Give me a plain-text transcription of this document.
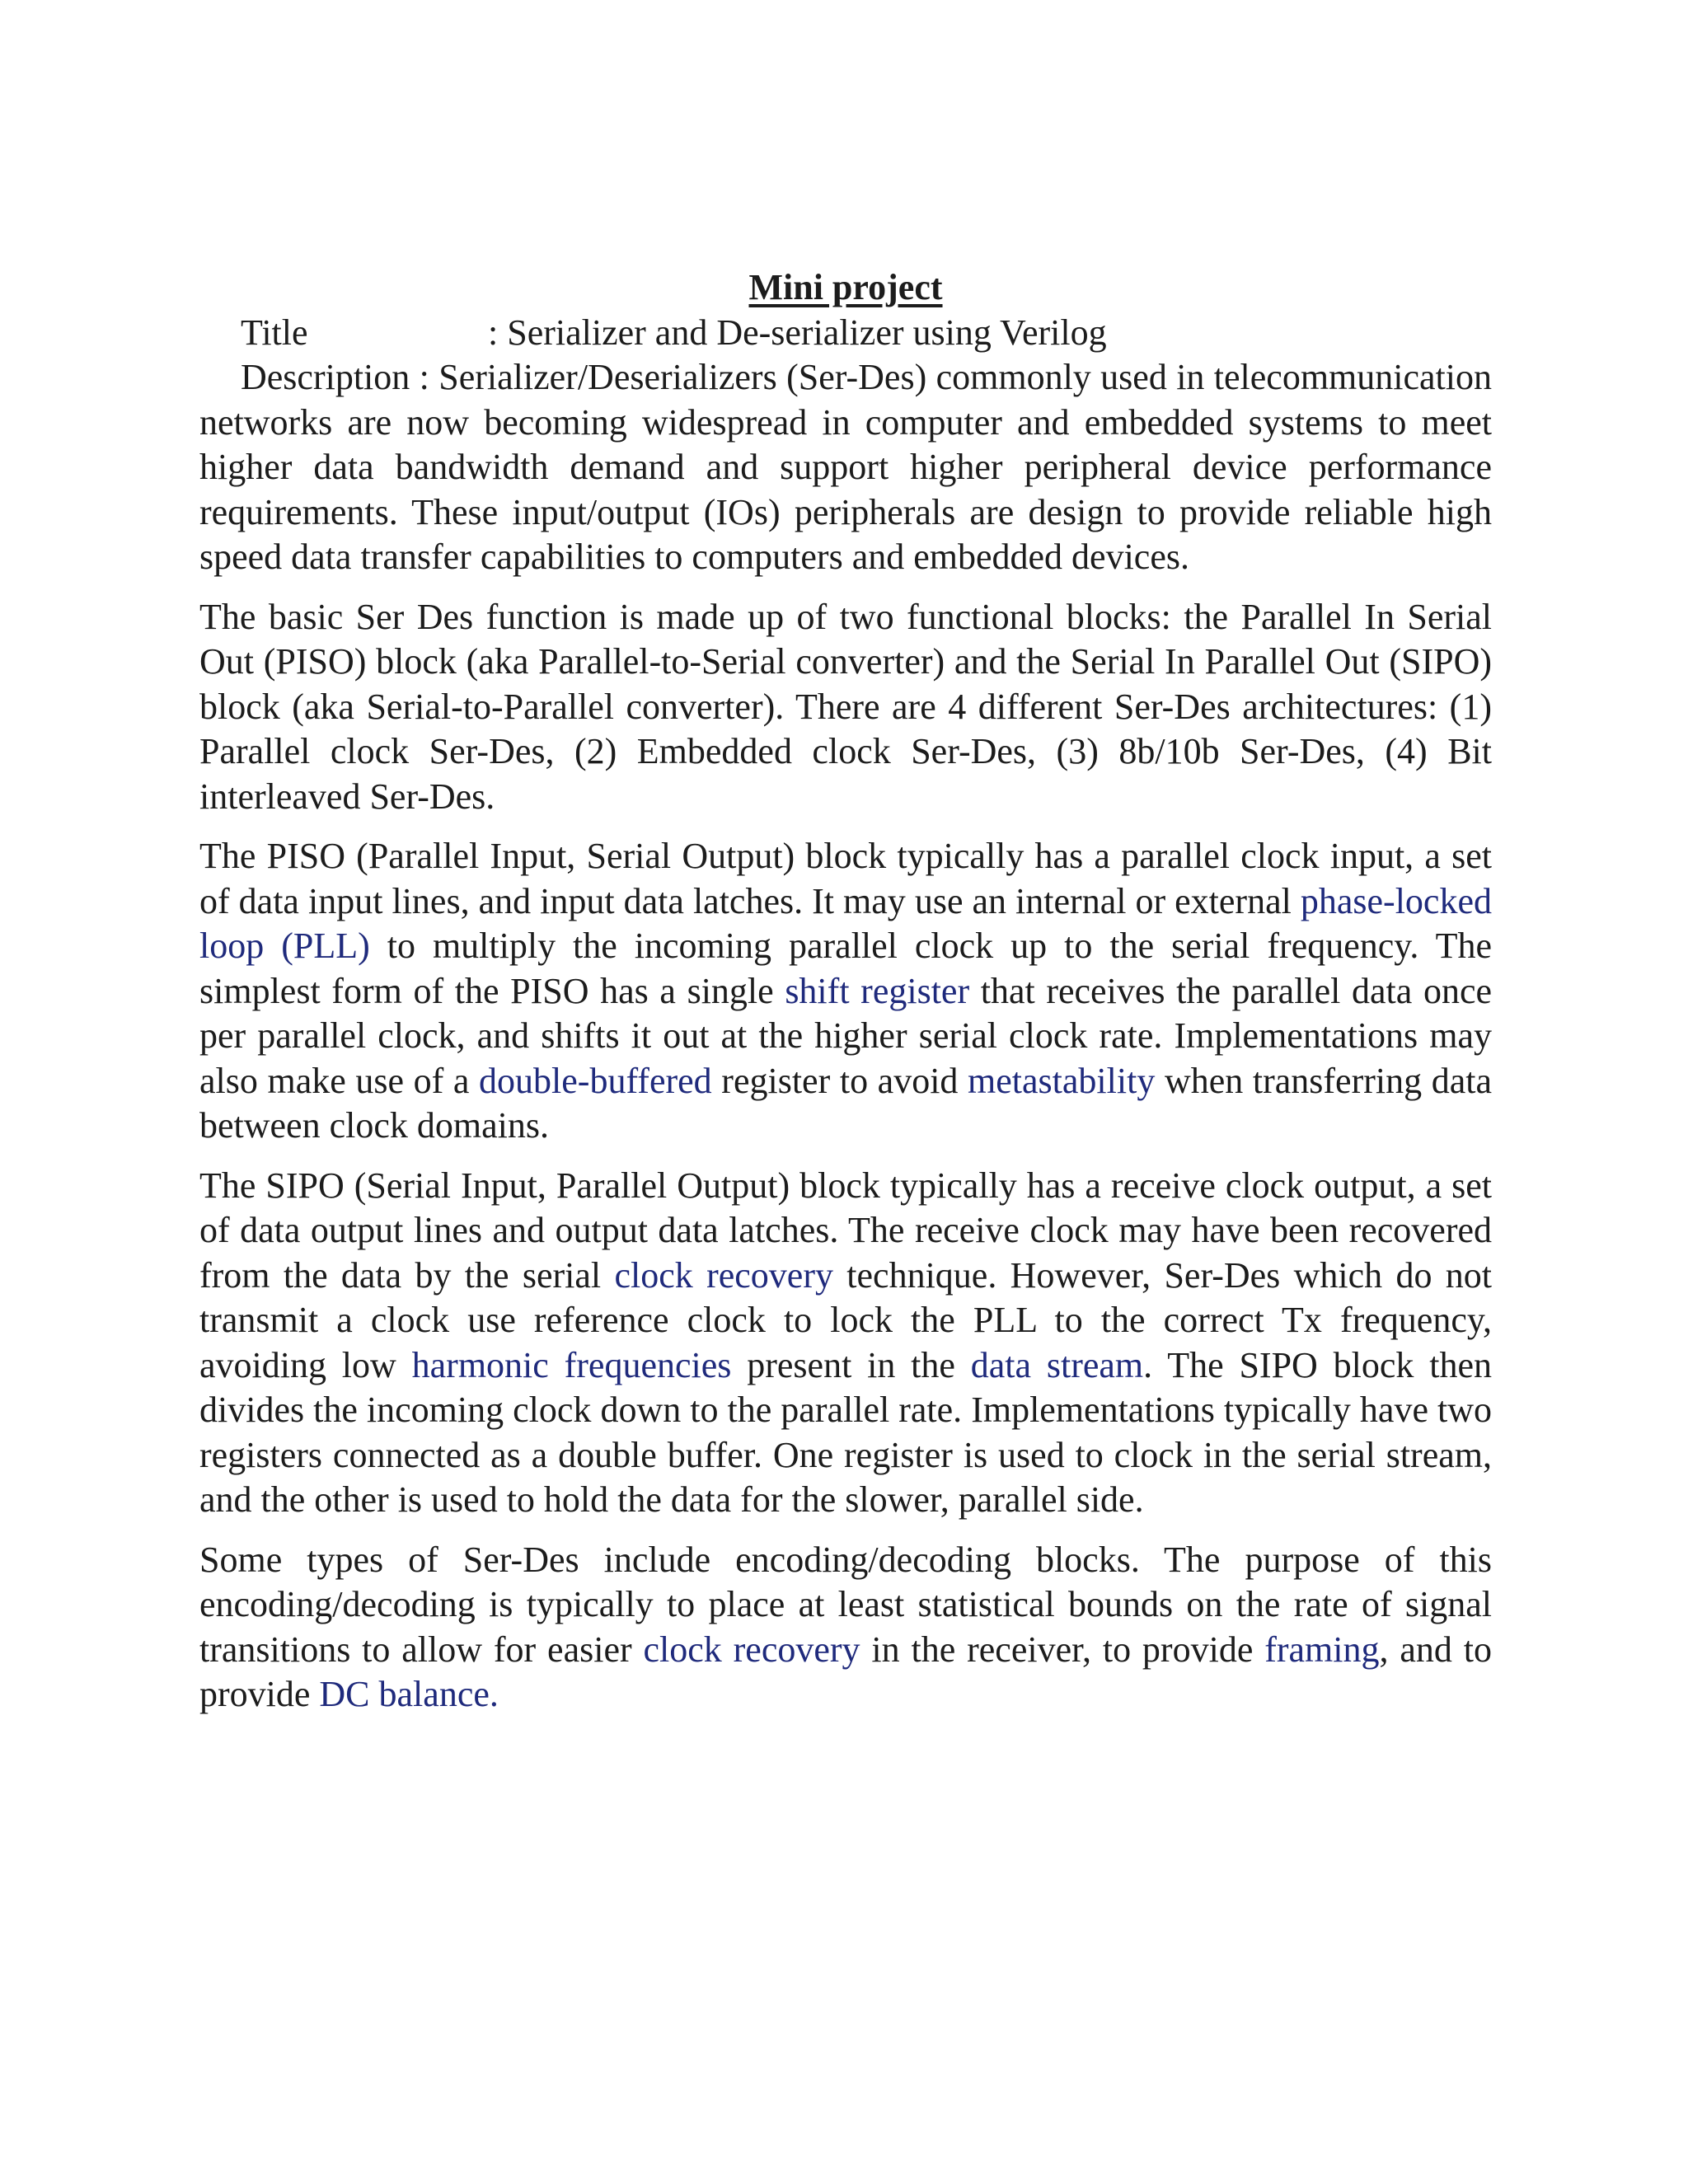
Mini project

Title	: Serializer and De-serializer using Verilog

Description : Serializer/Deserializers (Ser-Des) commonly used in telecommunication networks are now becoming widespread in computer and embedded systems to meet higher data bandwidth demand and support higher peripheral device performance requirements. These input/output (IOs) peripherals are design to provide reliable high speed data transfer capabilities to computers and embedded devices.

The basic Ser Des function is made up of two functional blocks: the Parallel In Serial Out (PISO) block (aka Parallel-to-Serial converter) and the Serial In Parallel Out (SIPO) block (aka Serial-to-Parallel converter). There are 4 different Ser-Des architectures: (1) Parallel clock Ser-Des, (2) Embedded clock Ser-Des, (3) 8b/10b Ser-Des, (4) Bit interleaved Ser-Des.

The PISO (Parallel Input, Serial Output) block typically has a parallel clock input, a set of data input lines, and input data latches. It may use an internal or external phase-locked loop (PLL) to multiply the incoming parallel clock up to the serial frequency. The simplest form of the PISO has a single shift register that receives the parallel data once per parallel clock, and shifts it out at the higher serial clock rate. Implementations may also make use of a double-buffered register to avoid metastability when transferring data between clock domains.

The SIPO (Serial Input, Parallel Output) block typically has a receive clock output, a set of data output lines and output data latches. The receive clock may have been recovered from the data by the serial clock recovery technique. However, Ser-Des which do not transmit a clock use reference clock to lock the PLL to the correct Tx frequency, avoiding low harmonic frequencies present in the data stream. The SIPO block then divides the incoming clock down to the parallel rate. Implementations typically have two registers connected as a double buffer. One register is used to clock in the serial stream, and the other is used to hold the data for the slower, parallel side.

Some types of Ser-Des include encoding/decoding blocks. The purpose of this encoding/decoding is typically to place at least statistical bounds on the rate of signal transitions to allow for easier clock recovery in the receiver, to provide framing, and to provide DC balance.
